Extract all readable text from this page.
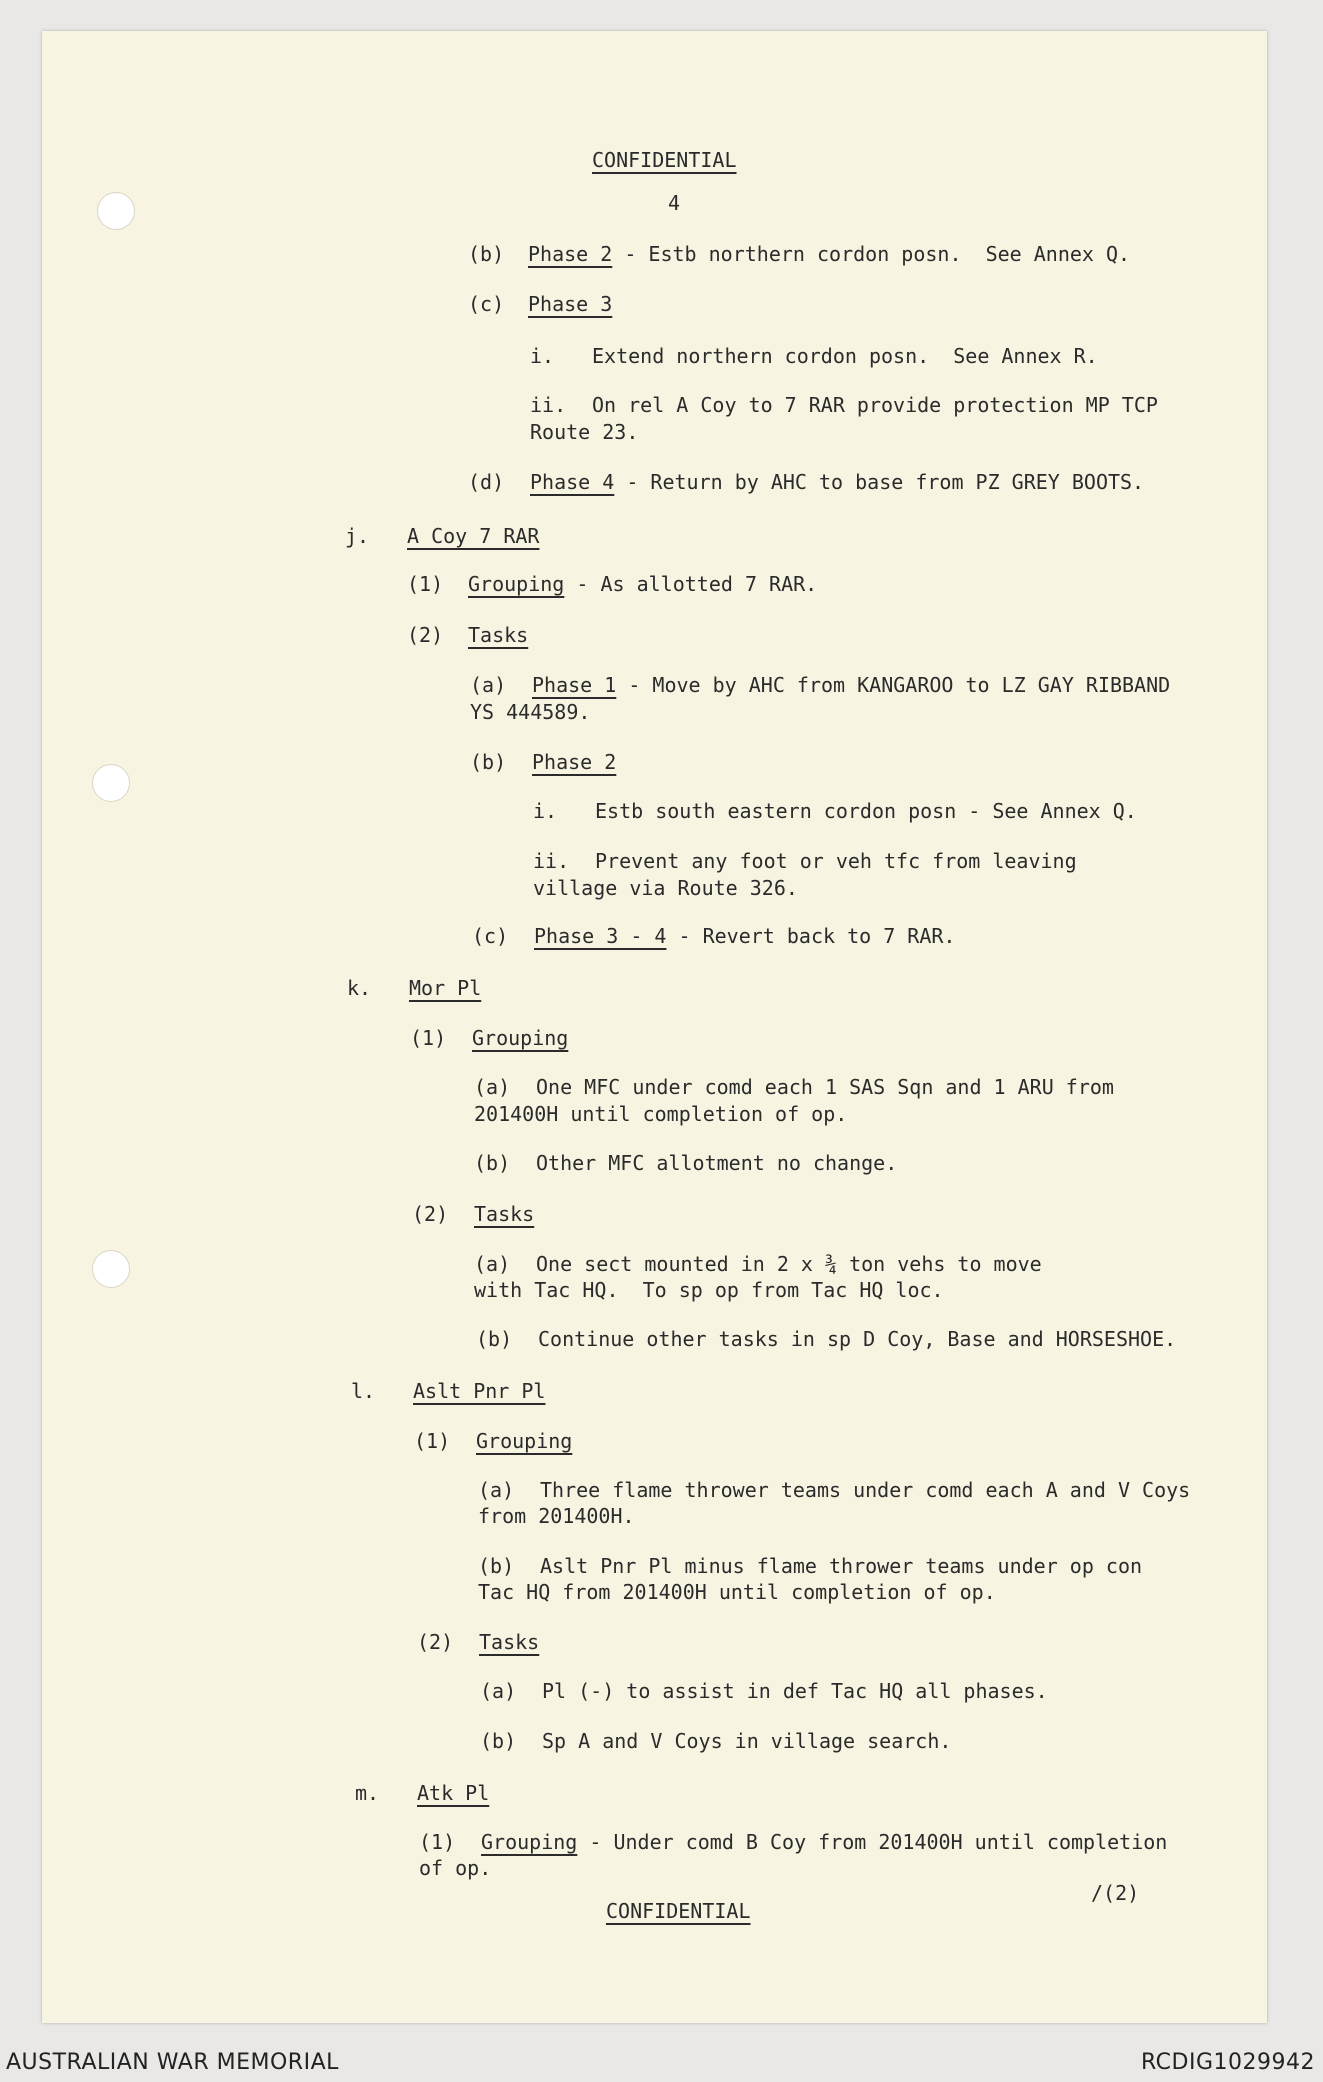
CONFIDENTIAL
4
(b) Phase 2 - Estb northern cordon posn.  See Annex Q.
(c) Phase 3
i. Extend northern cordon posn.  See Annex R.
ii. On rel A Coy to 7 RAR provide protection MP TCP
Route 23.
(d) Phase 4 - Return by AHC to base from PZ GREY BOOTS.
j. A Coy 7 RAR
(1) Grouping - As allotted 7 RAR.
(2) Tasks
(a) Phase 1 - Move by AHC from KANGAROO to LZ GAY RIBBAND
YS 444589.
(b) Phase 2
i. Estb south eastern cordon posn - See Annex Q.
ii. Prevent any foot or veh tfc from leaving
village via Route 326.
(c) Phase 3 - 4 - Revert back to 7 RAR.
k. Mor Pl
(1) Grouping
(a) One MFC under comd each 1 SAS Sqn and 1 ARU from
201400H until completion of op.
(b) Other MFC allotment no change.
(2) Tasks
(a) One sect mounted in 2 x ¾ ton vehs to move
with Tac HQ.  To sp op from Tac HQ loc.
(b) Continue other tasks in sp D Coy, Base and HORSESHOE.
l. Aslt Pnr Pl
(1) Grouping
(a) Three flame thrower teams under comd each A and V Coys
from 201400H.
(b) Aslt Pnr Pl minus flame thrower teams under op con
Tac HQ from 201400H until completion of op.
(2) Tasks
(a) Pl (-) to assist in def Tac HQ all phases.
(b) Sp A and V Coys in village search.
m. Atk Pl
(1) Grouping - Under comd B Coy from 201400H until completion
of op.
CONFIDENTIAL
/(2)
AUSTRALIAN WAR MEMORIAL	RCDIG1029942
